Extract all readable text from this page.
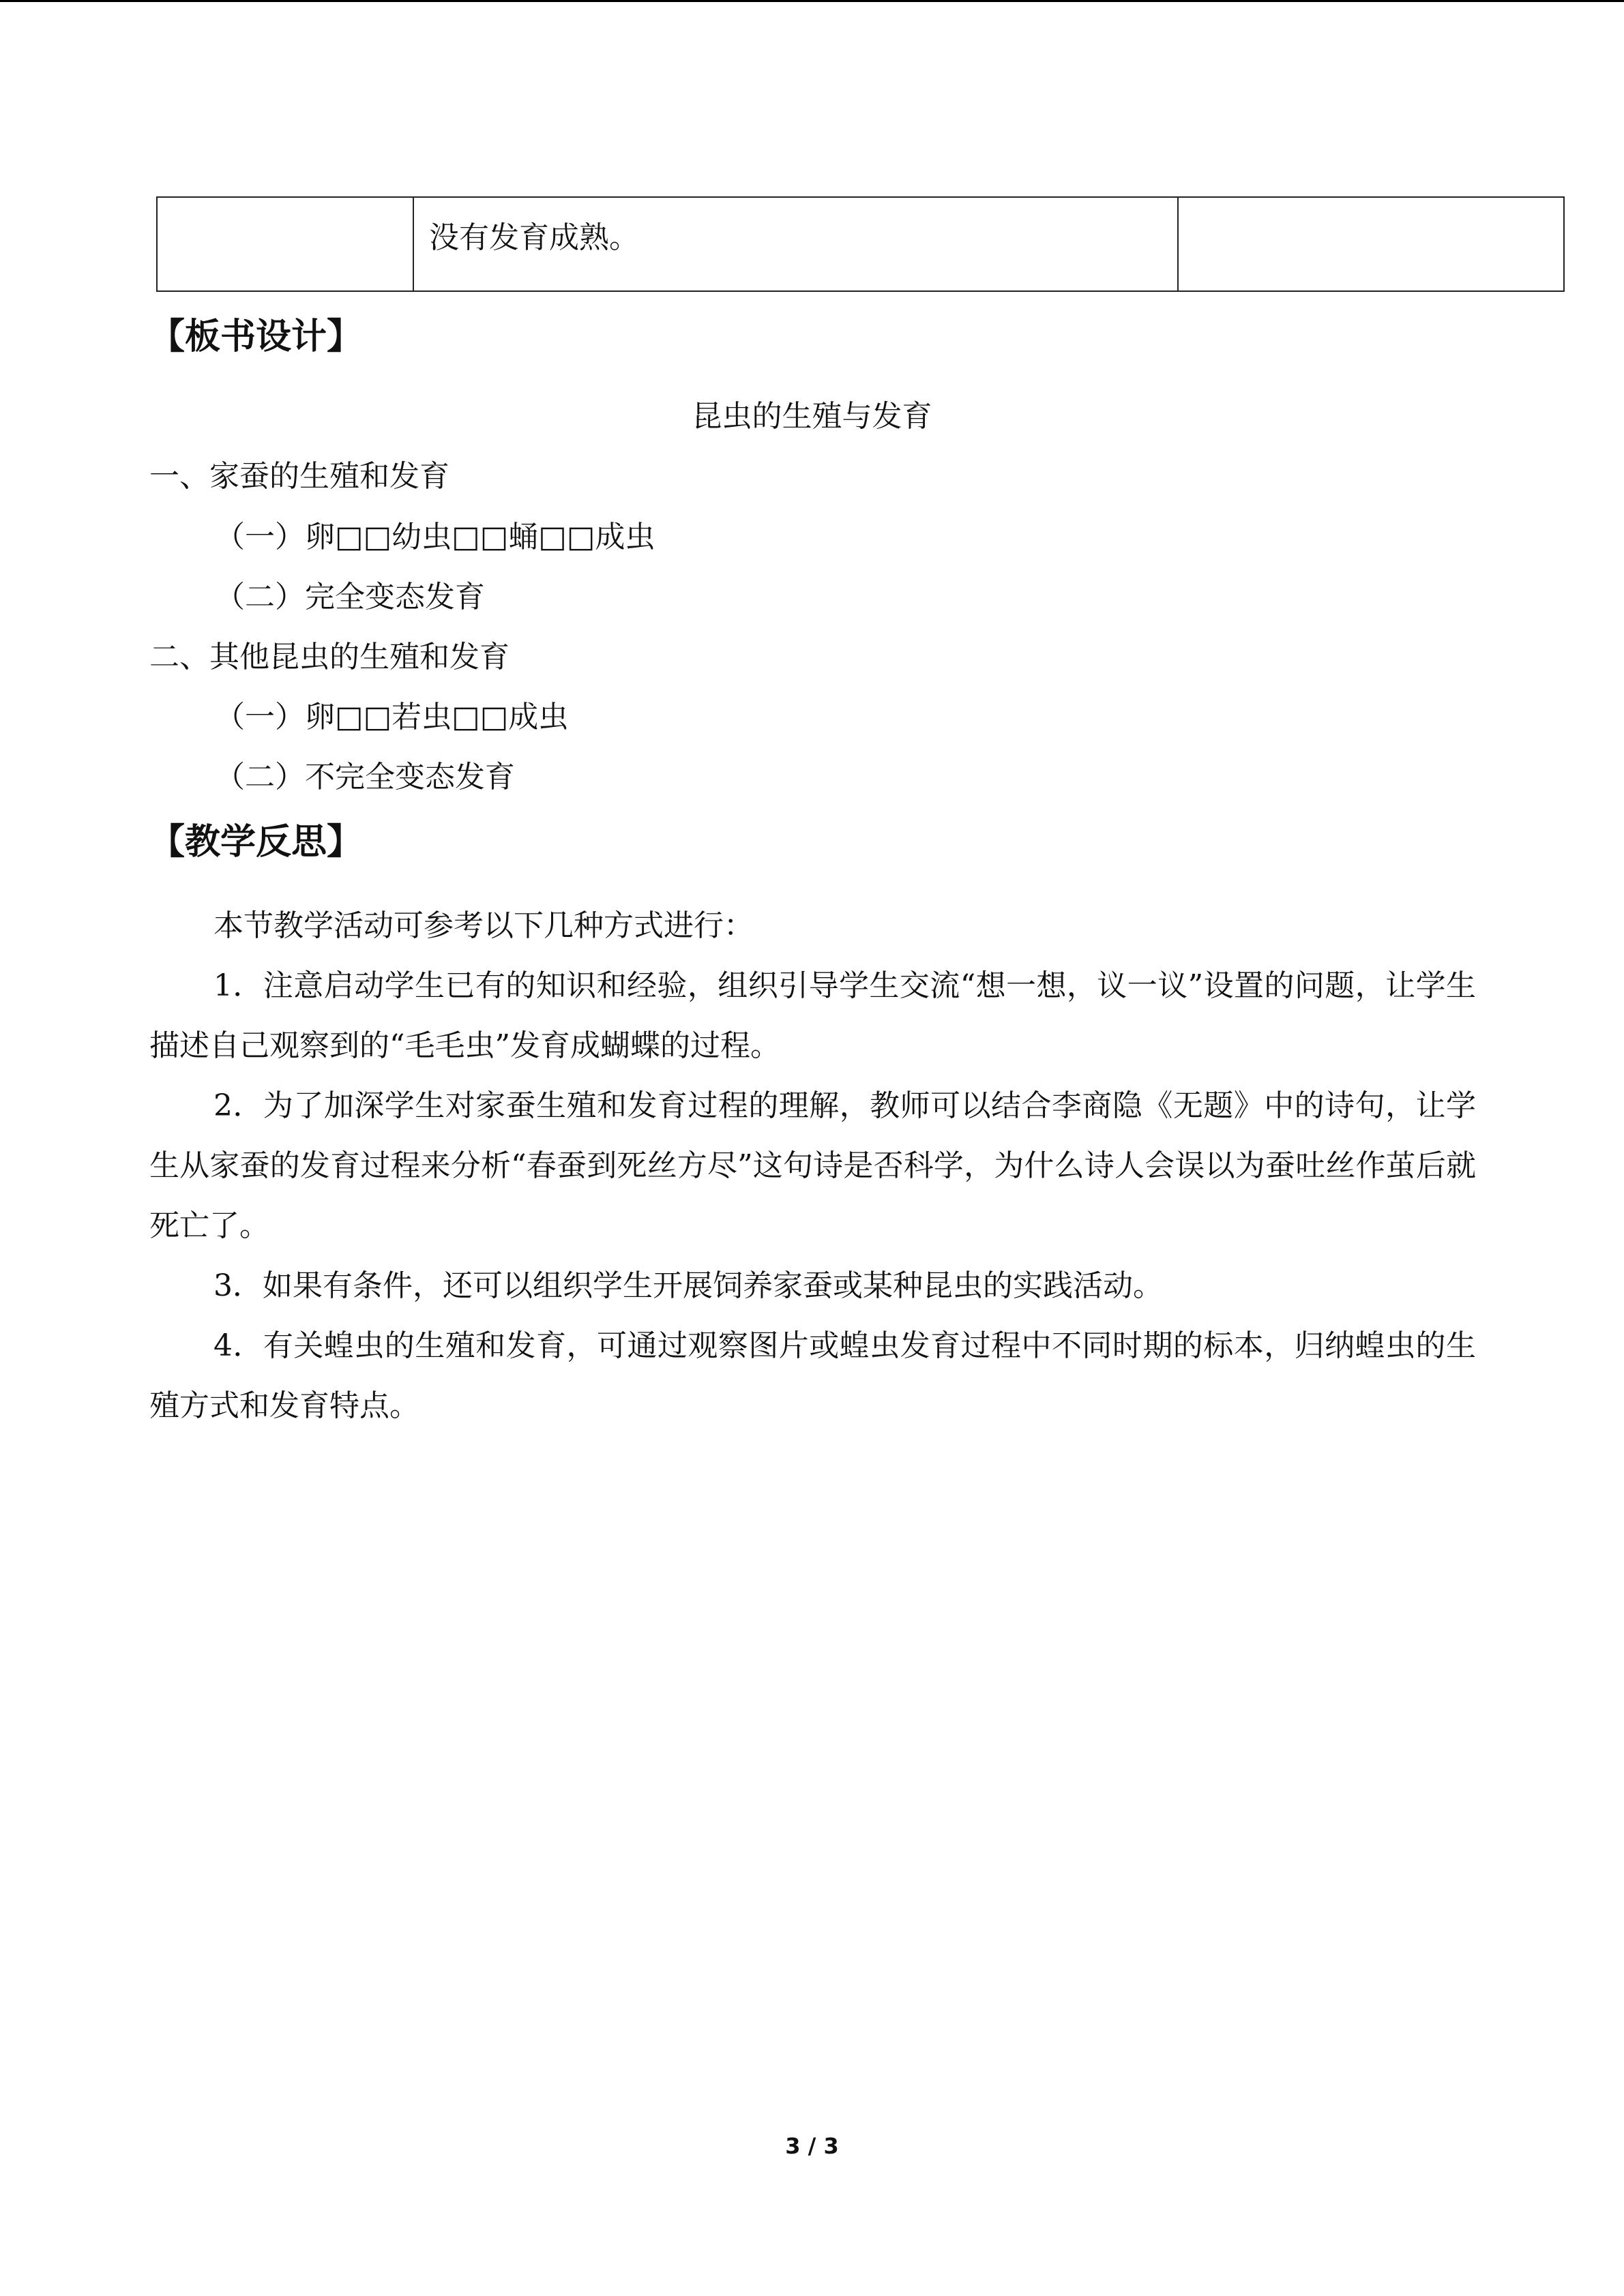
	没有发育成熟。	
【板书设计】
昆虫的生殖与发育
一、家蚕的生殖和发育
（一）卵□□幼虫□□蛹□□成虫
（二）完全变态发育
二、其他昆虫的生殖和发育
（一）卵□□若虫□□成虫
（二）不完全变态发育
【教学反思】

本节教学活动可参考以下几种方式进行：

1．注意启动学生已有的知识和经验，组织引导学生交流“想一想，议一议”设置的问题，让学生描述自己观察到的“毛毛虫”发育成蝴蝶的过程。

2．为了加深学生对家蚕生殖和发育过程的理解，教师可以结合李商隐《无题》中的诗句，让学生从家蚕的发育过程来分析“春蚕到死丝方尽”这句诗是否科学，为什么诗人会误以为蚕吐丝作茧后就死亡了。

3．如果有条件，还可以组织学生开展饲养家蚕或某种昆虫的实践活动。

4．有关蝗虫的生殖和发育，可通过观察图片或蝗虫发育过程中不同时期的标本，归纳蝗虫的生殖方式和发育特点。

3 / 3
